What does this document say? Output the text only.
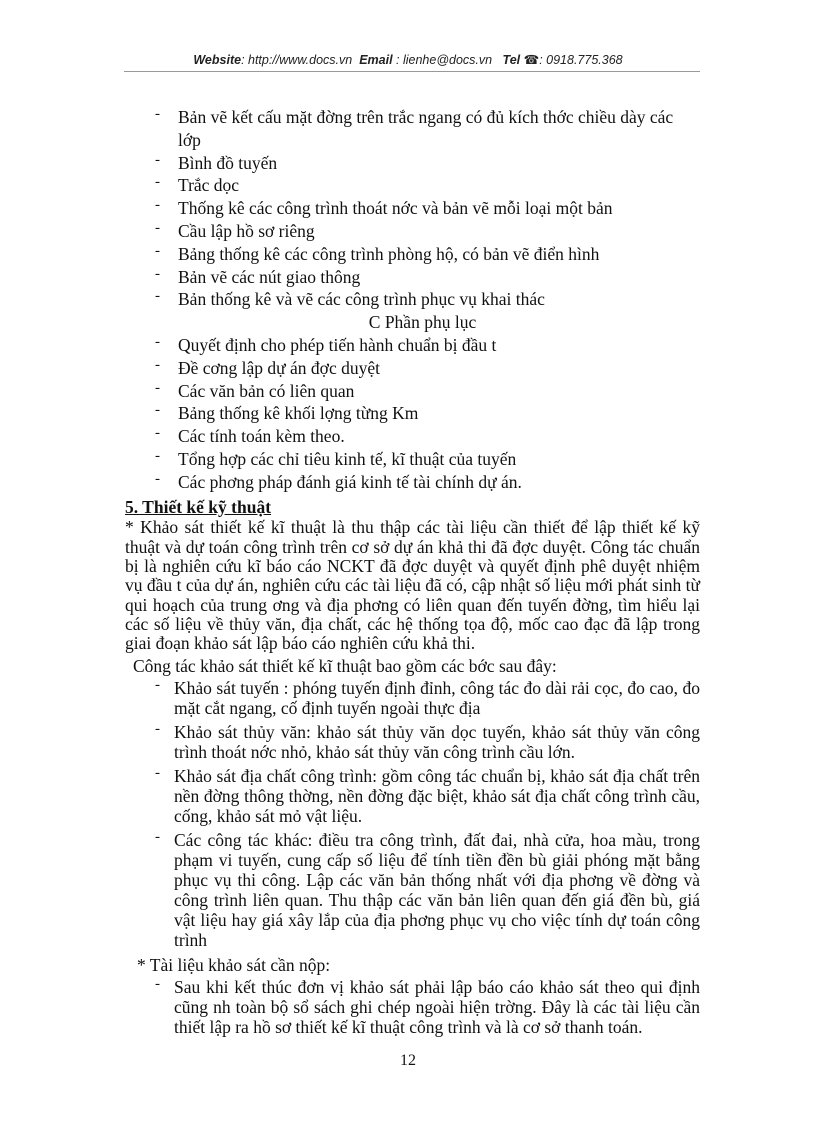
Website: http://www.docs.vn Email : lienhe@docs.vn Tel ☎: 0918.775.368
- Bản vẽ kết cấu mặt đờng trên trắc ngang có đủ kích thớc chiều dày các lớp
- Bình đồ tuyến
- Trắc dọc
- Thống kê các công trình thoát nớc và bản vẽ mỗi loại một bản
- Cầu lập hồ sơ riêng
- Bảng thống kê các công trình phòng hộ, có bản vẽ điển hình
- Bản vẽ các nút giao thông
- Bản thống kê và vẽ các công trình phục vụ khai thác
C Phần phụ lục
- Quyết định cho phép tiến hành chuẩn bị đầu t
- Đề cơng lập dự án đợc duyệt
- Các văn bản có liên quan
- Bảng thống kê khối lợng từng Km
- Các tính toán kèm theo.
- Tổng hợp các chỉ tiêu kinh tế, kĩ thuật của tuyến
- Các phơng pháp đánh giá kinh tế tài chính dự án.
5. Thiết kế kỹ thuật
* Khảo sát thiết kế kĩ thuật là thu thập các tài liệu cần thiết để lập thiết kế kỹ thuật và dự toán công trình trên cơ sở dự án khả thi đã đợc duyệt. Công tác chuẩn bị là nghiên cứu kĩ báo cáo NCKT đã đợc duyệt và quyết định phê duyệt nhiệm vụ đầu t của dự án, nghiên cứu các tài liệu đã có, cập nhật số liệu mới phát sinh từ qui hoạch của trung ơng và địa phơng có liên quan đến tuyến đờng, tìm hiểu lại các số liệu về thủy văn, địa chất, các hệ thống tọa độ, mốc cao đạc đã lập trong giai đoạn khảo sát lập báo cáo nghiên cứu khả thi.
Công tác khảo sát thiết kế kĩ thuật bao gồm các bớc sau đây:
- Khảo sát tuyến : phóng tuyến định đỉnh, công tác đo dài rải cọc, đo cao, đo mặt cắt ngang, cố định tuyến ngoài thực địa
- Khảo sát thủy văn: khảo sát thủy văn dọc tuyến, khảo sát thủy văn công trình thoát nớc nhỏ, khảo sát thủy văn công trình cầu lớn.
- Khảo sát địa chất công trình: gồm công tác chuẩn bị, khảo sát địa chất trên nền đờng thông thờng, nền đờng đặc biệt, khảo sát địa chất công trình cầu, cống, khảo sát mỏ vật liệu.
- Các công tác khác: điều tra công trình, đất đai, nhà cửa, hoa màu, trong phạm vi tuyến, cung cấp số liệu để tính tiền đền bù giải phóng mặt bằng phục vụ thi công. Lập các văn bản thống nhất với địa phơng về đờng và công trình liên quan. Thu thập các văn bản liên quan đến giá đền bù, giá vật liệu hay giá xây lắp của địa phơng phục vụ cho việc tính dự toán công trình
* Tài liệu khảo sát cần nộp:
- Sau khi kết thúc đơn vị khảo sát phải lập báo cáo khảo sát theo qui định cũng nh toàn bộ sổ sách ghi chép ngoài hiện trờng. Đây là các tài liệu cần thiết lập ra hồ sơ thiết kế kĩ thuật công trình và là cơ sở thanh toán.
12
